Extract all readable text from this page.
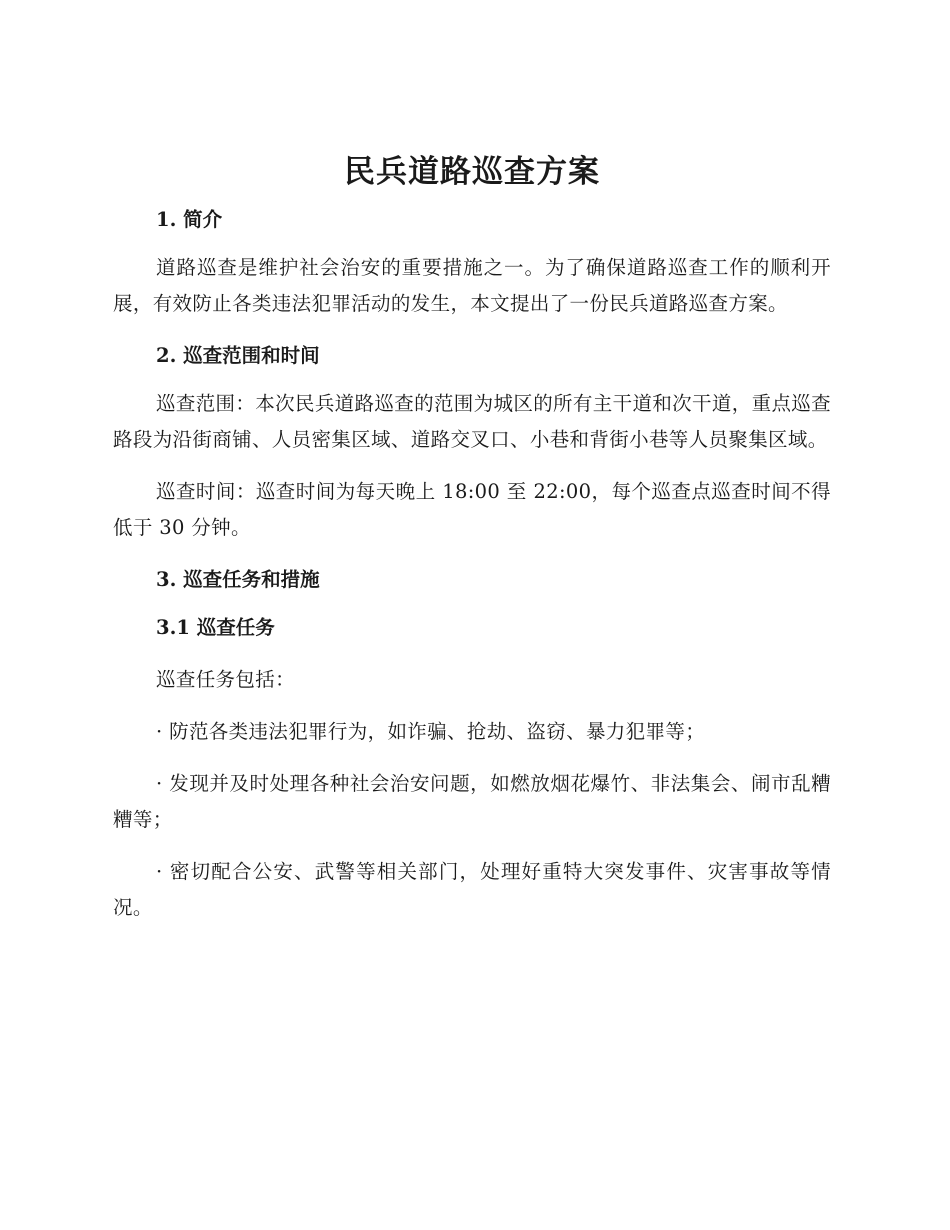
民兵道路巡查方案

1. 简介

道路巡查是维护社会治安的重要措施之一。为了确保道路巡查工作的顺利开展，有效防止各类违法犯罪活动的发生，本文提出了一份民兵道路巡查方案。

2. 巡查范围和时间

巡查范围：本次民兵道路巡查的范围为城区的所有主干道和次干道，重点巡查路段为沿街商铺、人员密集区域、道路交叉口、小巷和背街小巷等人员聚集区域。

巡查时间：巡查时间为每天晚上 18:00 至 22:00，每个巡查点巡查时间不得低于 30 分钟。

3. 巡查任务和措施

3.1 巡查任务

巡查任务包括：

· 防范各类违法犯罪行为，如诈骗、抢劫、盗窃、暴力犯罪等；

· 发现并及时处理各种社会治安问题，如燃放烟花爆竹、非法集会、闹市乱糟糟等；

· 密切配合公安、武警等相关部门，处理好重特大突发事件、灾害事故等情况。
